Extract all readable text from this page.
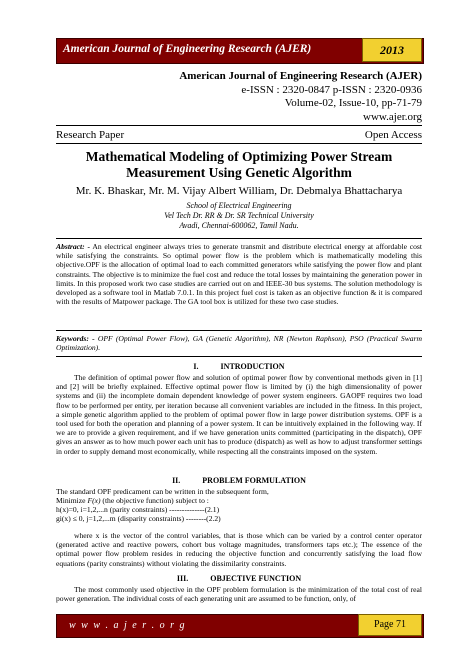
American Journal of Engineering Research (AJER)	2013
American Journal of Engineering Research (AJER)
e-ISSN : 2320-0847 p-ISSN : 2320-0936
Volume-02, Issue-10, pp-71-79
www.ajer.org
Research Paper	Open Access
Mathematical Modeling of Optimizing Power Stream
Measurement Using Genetic Algorithm
Mr. K. Bhaskar, Mr. M. Vijay Albert William, Dr. Debmalya Bhattacharya
School of Electrical Engineering
Vel Tech Dr. RR & Dr. SR Technical University
Avadi, Chennai-600062, Tamil Nadu.
Abstract: - An electrical engineer always tries to generate transmit and distribute electrical energy at affordable cost while satisfying the constraints. So optimal power flow is the problem which is mathematically modeling this objective.OPF is the allocation of optimal load to each committed generators while satisfying the power flow and plant constraints. The objective is to minimize the fuel cost and reduce the total losses by maintaining the generation power in limits. In this proposed work two case studies are carried out on and IEEE-30 bus systems. The solution methodology is developed as a software tool in Matlab 7.0.1. In this project fuel cost is taken as an objective function & it is compared with the results of Matpower package. The GA tool box is utilized for these two case studies.
Keywords: - OPF (Optimal Power Flow), GA (Genetic Algorithm), NR (Newton Raphson), PSO (Practical Swarm Optimization).
I.	INTRODUCTION
The definition of optimal power flow and solution of optimal power flow by conventional methods given in [1] and [2] will be briefly explained. Effective optimal power flow is limited by (i) the high dimensionality of power systems and (ii) the incomplete domain dependent knowledge of power system engineers. GAOPF requires two load flow to be performed per entity, per iteration because all convenient variables are included in the fitness. In this project, a simple genetic algorithm applied to the problem of optimal power flow in large power distribution systems. OPF is a tool used for both the operation and planning of a power system. It can be intuitively explained in the following way. If we are to provide a given requirement, and if we have generation units committed (participating in the dispatch), OPF gives an answer as to how much power each unit has to produce (dispatch) as well as how to adjust transformer settings in order to supply demand most economically, while respecting all the constraints imposed on the system.
II.	PROBLEM FORMULATION
The standard OPF predicament can be written in the subsequent form,
Minimize F(x) (the objective function) subject to :
h(x)=0, i=1,2,...n (parity constraints) --------------(2.1)
gi(x) ≤ 0, j=1,2,...m (disparity constraints) --------(2.2)
where x is the vector of the control variables, that is those which can be varied by a control center operator (generated active and reactive powers, cohort bus voltage magnitudes, transformers taps etc.); The essence of the optimal power flow problem resides in reducing the objective function and concurrently satisfying the load flow equations (parity constraints) without violating the dissimilarity constraints.
III.	OBJECTIVE FUNCTION
The most commonly used objective in the OPF problem formulation is the minimization of the total cost of real power generation. The individual costs of each generating unit are assumed to be function, only, of
w w w . a j e r . o r g	Page 71
